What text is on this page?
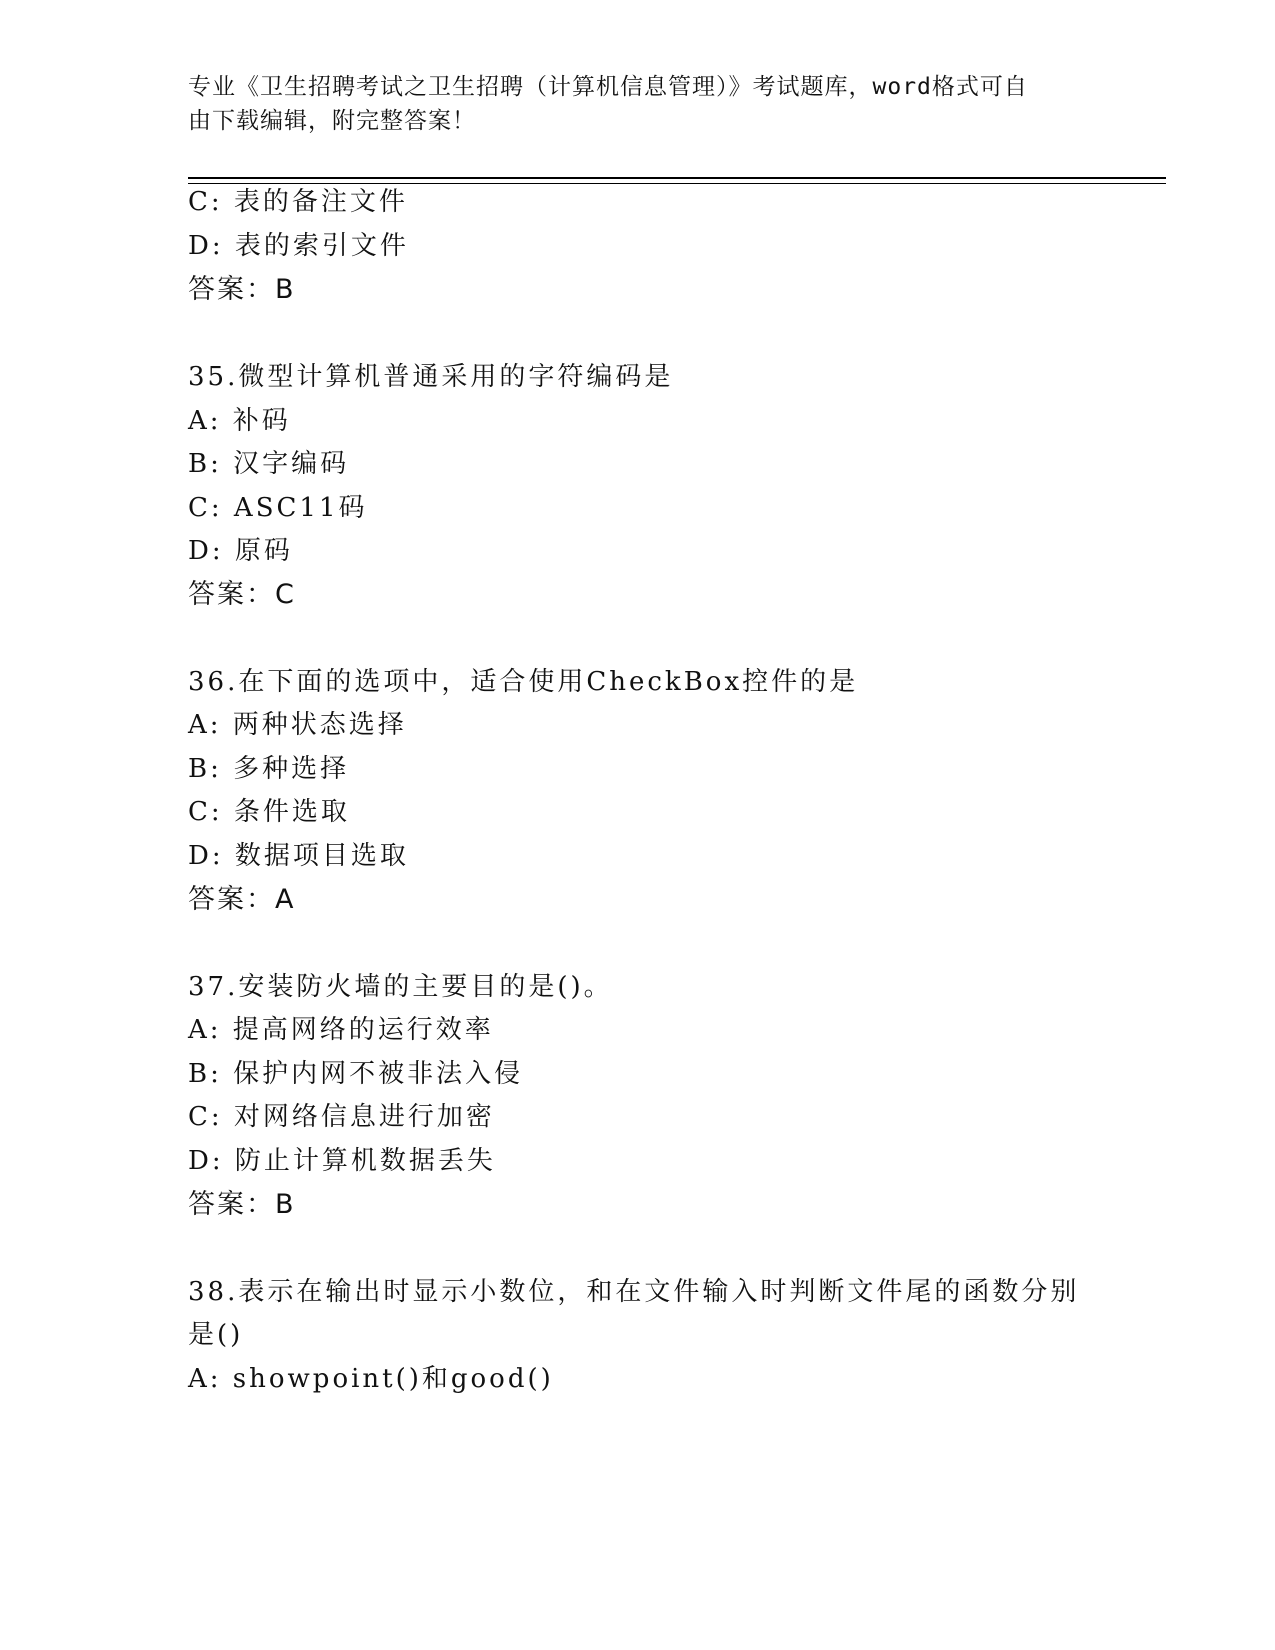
专业《卫生招聘考试之卫生招聘（计算机信息管理）》考试题库，word格式可自
由下载编辑，附完整答案！
C: 表的备注文件
D: 表的索引文件
答案：B
35.微型计算机普通采用的字符编码是
A: 补码
B: 汉字编码
C: ASC11码
D: 原码
答案：C
36.在下面的选项中，适合使用CheckBox控件的是
A: 两种状态选择
B: 多种选择
C: 条件选取
D: 数据项目选取
答案：A
37.安装防火墙的主要目的是()。
A: 提高网络的运行效率
B: 保护内网不被非法入侵
C: 对网络信息进行加密
D: 防止计算机数据丢失
答案：B
38.表示在输出时显示小数位，和在文件输入时判断文件尾的函数分别
是()
A: showpoint()和good()
